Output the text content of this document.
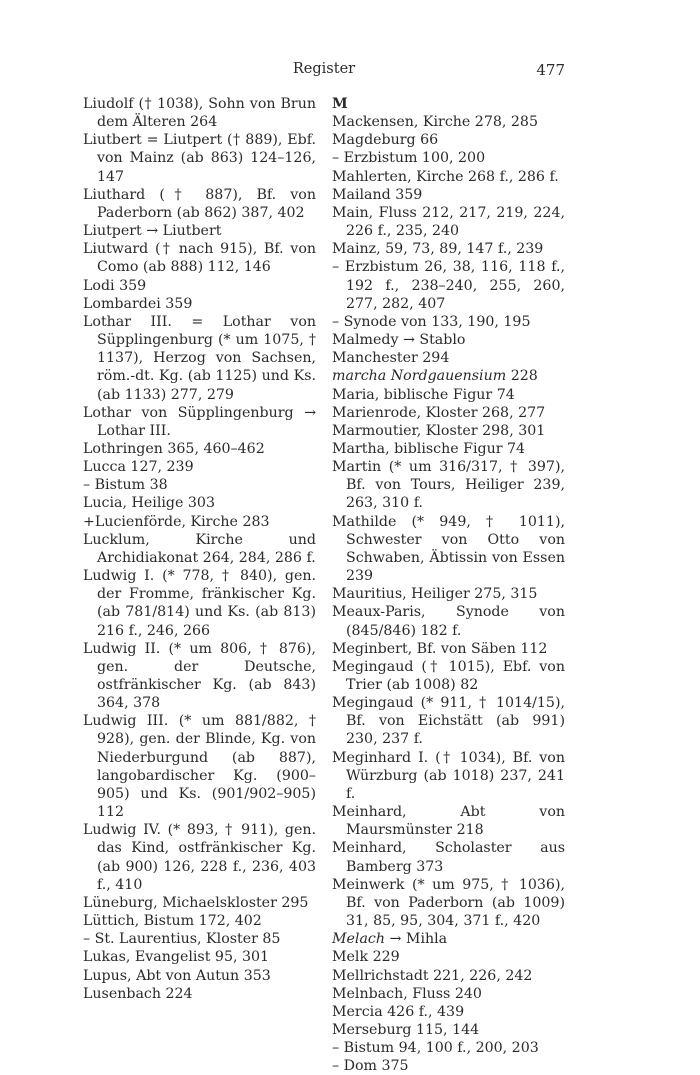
Register	477

Liudolf († 1038), Sohn von Brun dem Älteren 264

Liutbert = Liutpert († 889), Ebf. von Mainz (ab 863) 124–126, 147

Liuthard († 887), Bf. von Paderborn (ab 862) 387, 402

Liutpert → Liutbert

Liutward († nach 915), Bf. von Como (ab 888) 112, 146

Lodi 359

Lombardei 359

Lothar III. = Lothar von Süpplingenburg (* um 1075, † 1137), Herzog von Sachsen, röm.-dt. Kg. (ab 1125) und Ks. (ab 1133) 277, 279

Lothar von Süpplingenburg → Lothar III.

Lothringen 365, 460–462

Lucca 127, 239

– Bistum 38

Lucia, Heilige 303

+Lucienförde, Kirche 283

Lucklum, Kirche und Archidiakonat 264, 284, 286 f.

Ludwig I. (* 778, † 840), gen. der Fromme, fränkischer Kg. (ab 781/814) und Ks. (ab 813) 216 f., 246, 266

Ludwig II. (* um 806, † 876), gen. der Deutsche, ostfränkischer Kg. (ab 843) 364, 378

Ludwig III. (* um 881/882, † 928), gen. der Blinde, Kg. von Niederburgund (ab 887), langobardischer Kg. (900–905) und Ks. (901/902–905) 112

Ludwig IV. (* 893, † 911), gen. das Kind, ostfränkischer Kg. (ab 900) 126, 228 f., 236, 403 f., 410

Lüneburg, Michaelskloster 295

Lüttich, Bistum 172, 402

– St. Laurentius, Kloster 85

Lukas, Evangelist 95, 301

Lupus, Abt von Autun 353

Lusenbach 224

M

Mackensen, Kirche 278, 285

Magdeburg 66

– Erzbistum 100, 200

Mahlerten, Kirche 268 f., 286 f.

Mailand 359

Main, Fluss 212, 217, 219, 224, 226 f., 235, 240

Mainz, 59, 73, 89, 147 f., 239

– Erzbistum 26, 38, 116, 118 f., 192 f., 238–240, 255, 260, 277, 282, 407

– Synode von 133, 190, 195

Malmedy → Stablo

Manchester 294

marcha Nordgauensium 228

Maria, biblische Figur 74

Marienrode, Kloster 268, 277

Marmoutier, Kloster 298, 301

Martha, biblische Figur 74

Martin (* um 316/317, † 397), Bf. von Tours, Heiliger 239, 263, 310 f.

Mathilde (* 949, † 1011), Schwester von Otto von Schwaben, Äbtissin von Essen 239

Mauritius, Heiliger 275, 315

Meaux-Paris, Synode von (845/846) 182 f.

Meginbert, Bf. von Säben 112

Megingaud († 1015), Ebf. von Trier (ab 1008) 82

Megingaud (* 911, † 1014/15), Bf. von Eichstätt (ab 991) 230, 237 f.

Meginhard I. († 1034), Bf. von Würzburg (ab 1018) 237, 241 f.

Meinhard, Abt von Maursmünster 218

Meinhard, Scholaster aus Bamberg 373

Meinwerk (* um 975, † 1036), Bf. von Paderborn (ab 1009) 31, 85, 95, 304, 371 f., 420

Melach → Mihla

Melk 229

Mellrichstadt 221, 226, 242

Melnbach, Fluss 240

Mercia 426 f., 439

Merseburg 115, 144

– Bistum 94, 100 f., 200, 203

– Dom 375
